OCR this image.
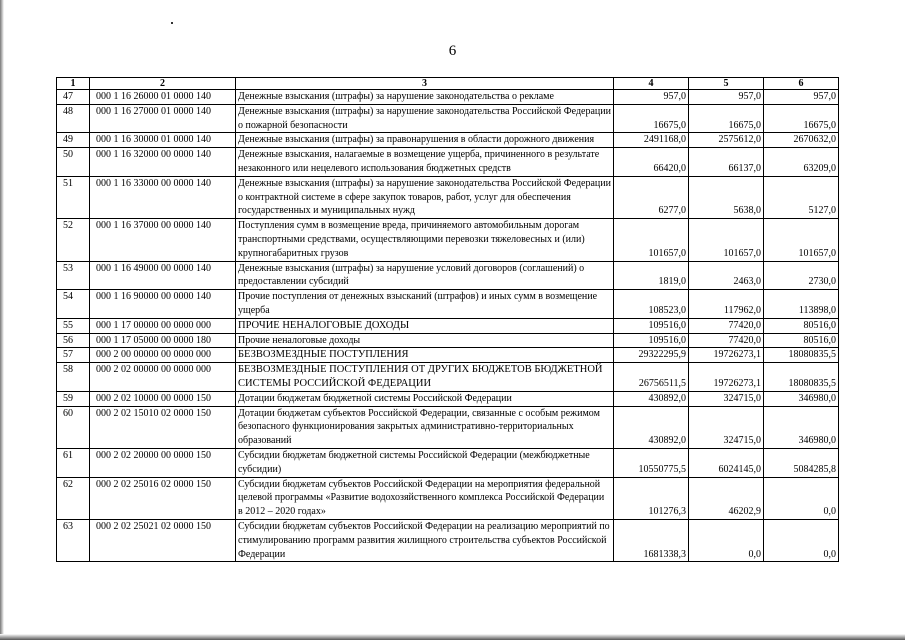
6
1	2	3	4	5	6
47	000 1 16 26000 01 0000 140	Денежные взыскания (штрафы) за нарушение законодательства о рекламе	957,0	957,0	957,0
48	000 1 16 27000 01 0000 140	Денежные взыскания (штрафы) за нарушение законодательства Российской Федерации о пожарной безопасности	16675,0	16675,0	16675,0
49	000 1 16 30000 01 0000 140	Денежные взыскания (штрафы) за правонарушения в области дорожного движения	2491168,0	2575612,0	2670632,0
50	000 1 16 32000 00 0000 140	Денежные взыскания, налагаемые в возмещение ущерба, причиненного в результате незаконного или нецелевого использования бюджетных средств	66420,0	66137,0	63209,0
51	000 1 16 33000 00 0000 140	Денежные взыскания (штрафы) за нарушение законодательства Российской Федерации о контрактной системе в сфере закупок товаров, работ, услуг для обеспечения государственных и муниципальных нужд	6277,0	5638,0	5127,0
52	000 1 16 37000 00 0000 140	Поступления сумм в возмещение вреда, причиняемого автомобильным дорогам транспортными средствами, осуществляющими перевозки тяжеловесных и (или) крупногабаритных грузов	101657,0	101657,0	101657,0
53	000 1 16 49000 00 0000 140	Денежные взыскания (штрафы) за нарушение условий договоров (соглашений) о предоставлении субсидий	1819,0	2463,0	2730,0
54	000 1 16 90000 00 0000 140	Прочие поступления от денежных взысканий (штрафов) и иных сумм в возмещение ущерба	108523,0	117962,0	113898,0
55	000 1 17 00000 00 0000 000	ПРОЧИЕ НЕНАЛОГОВЫЕ ДОХОДЫ	109516,0	77420,0	80516,0
56	000 1 17 05000 00 0000 180	Прочие неналоговые доходы	109516,0	77420,0	80516,0
57	000 2 00 00000 00 0000 000	БЕЗВОЗМЕЗДНЫЕ ПОСТУПЛЕНИЯ	29322295,9	19726273,1	18080835,5
58	000 2 02 00000 00 0000 000	БЕЗВОЗМЕЗДНЫЕ ПОСТУПЛЕНИЯ ОТ ДРУГИХ БЮДЖЕТОВ БЮДЖЕТНОЙ СИСТЕМЫ РОССИЙСКОЙ ФЕДЕРАЦИИ	26756511,5	19726273,1	18080835,5
59	000 2 02 10000 00 0000 150	Дотации бюджетам бюджетной системы Российской Федерации	430892,0	324715,0	346980,0
60	000 2 02 15010 02 0000 150	Дотации бюджетам субъектов Российской Федерации, связанные с особым режимом безопасного функционирования закрытых административно-территориальных образований	430892,0	324715,0	346980,0
61	000 2 02 20000 00 0000 150	Субсидии бюджетам бюджетной системы Российской Федерации (межбюджетные субсидии)	10550775,5	6024145,0	5084285,8
62	000 2 02 25016 02 0000 150	Субсидии бюджетам субъектов Российской Федерации на мероприятия федеральной целевой программы «Развитие водохозяйственного комплекса Российской Федерации в 2012 – 2020 годах»	101276,3	46202,9	0,0
63	000 2 02 25021 02 0000 150	Субсидии бюджетам субъектов Российской Федерации на реализацию мероприятий по стимулированию программ развития жилищного строительства субъектов Российской Федерации	1681338,3	0,0	0,0
